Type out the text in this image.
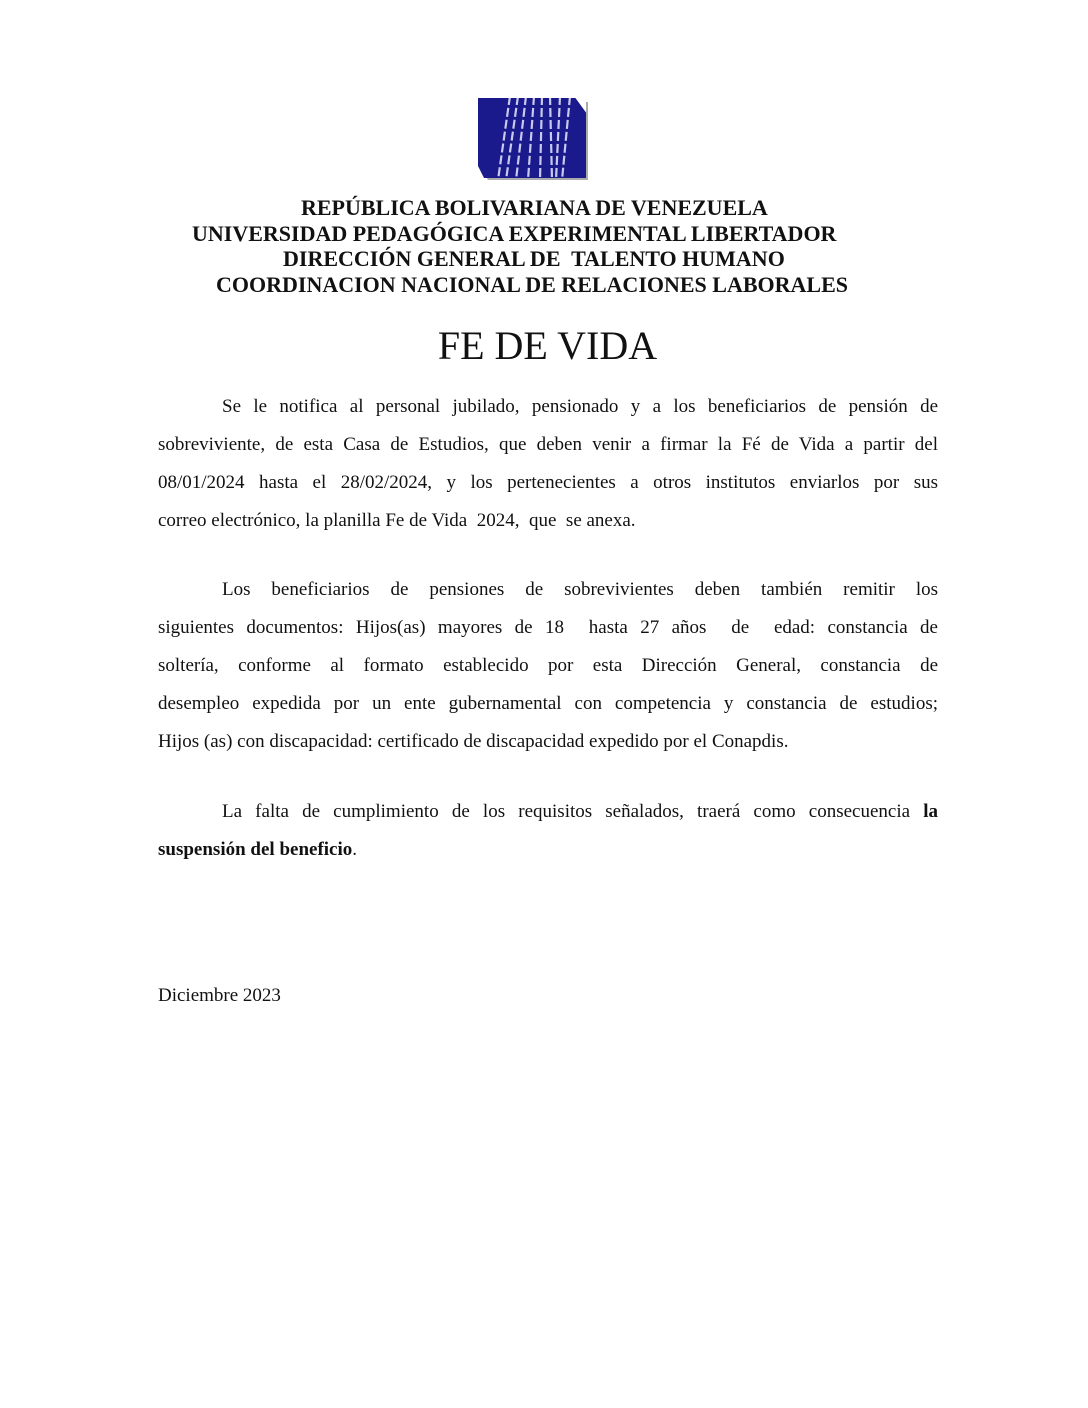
REPÚBLICA BOLIVARIANA DE VENEZUELA
UNIVERSIDAD PEDAGÓGICA EXPERIMENTAL LIBERTADOR
DIRECCIÓN GENERAL DE  TALENTO HUMANO
COORDINACION NACIONAL DE RELACIONES LABORALES
FE DE VIDA
Se le notifica al personal jubilado, pensionado y a los beneficiarios de pensión de
sobreviviente, de esta Casa de Estudios, que deben venir a firmar la Fé de Vida a partir del
08/01/2024 hasta el 28/02/2024, y los pertenecientes a otros institutos enviarlos por sus
correo electrónico, la planilla Fe de Vida  2024,  que  se anexa.
Los beneficiarios de pensiones de sobrevivientes deben también remitir los
siguientes documentos: Hijos(as) mayores de 18  hasta 27 años  de  edad: constancia de
soltería, conforme al formato establecido por esta Dirección General, constancia de
desempleo expedida por un ente gubernamental con competencia y constancia de estudios;
Hijos (as) con discapacidad: certificado de discapacidad expedido por el Conapdis.
La falta de cumplimiento de los requisitos señalados, traerá como consecuencia la
suspensión del beneficio.
Diciembre 2023
